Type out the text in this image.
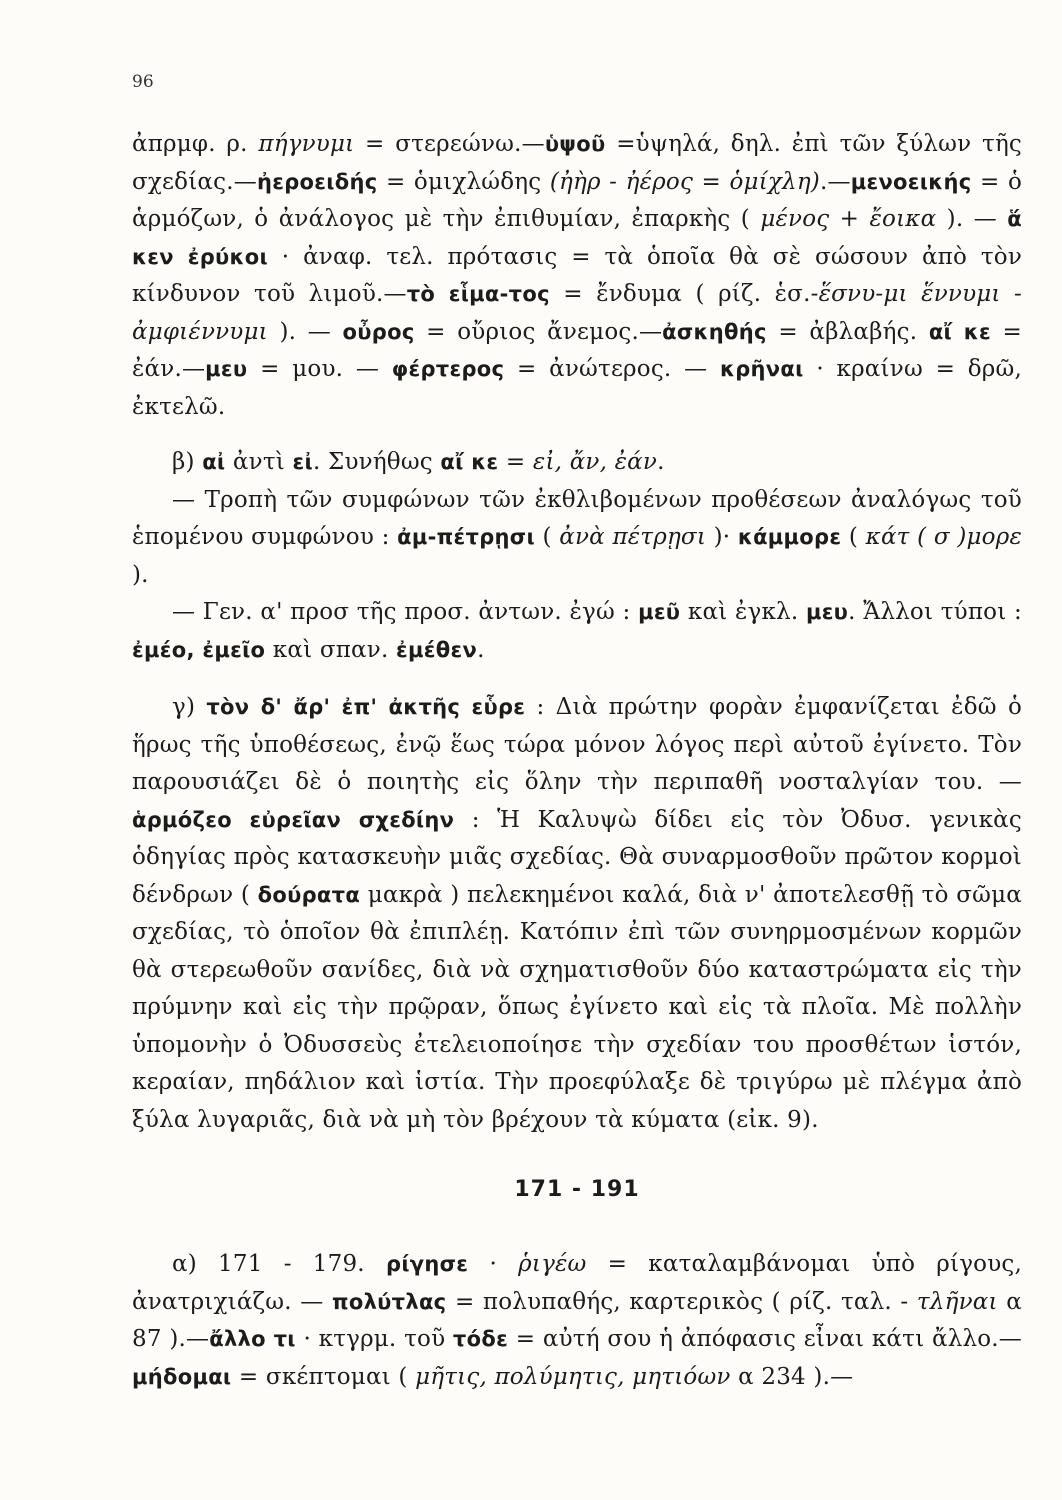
96

ἀπρμφ. ρ. πήγνυμι = στερεώνω.—ὑψοῦ =ὑψηλά, δηλ. ἐπὶ τῶν ξύλων τῆς σχεδίας.—ἠεροειδής = ὁμιχλώδης (ἠὴρ - ἠέρος = ὁμίχλη).—μενοεικής = ὁ ἁρμόζων, ὁ ἀνάλογος μὲ τὴν ἐπιθυμίαν, ἐπαρκὴς ( μένος + ἔοικα ). — ἅ κεν ἐρύκοι · ἀναφ. τελ. πρότασις = τὰ ὁποῖα θὰ σὲ σώσουν ἀπὸ τὸν κίνδυνον τοῦ λιμοῦ.—τὸ εἷμα-τος = ἔνδυμα ( ρίζ. ἑσ.-ἕσνυ-μι ἕννυμι - ἀμφιέννυμι ). — οὖρος = οὔριος ἄνεμος.—ἀσκηθής = ἀβλαβής. αἴ κε = ἐάν.—μευ = μου. — φέρτερος = ἀνώτερος. — κρῆναι · κραίνω = δρῶ, ἐκτελῶ.

β) αἰ ἀντὶ εἰ. Συνήθως αἴ κε = εἰ, ἄν, ἐάν.

— Τροπὴ τῶν συμφώνων τῶν ἐκθλιβομένων προθέσεων ἀναλόγως τοῦ ἑπομένου συμφώνου : ἀμ-πέτρῃσι ( ἀνὰ πέτρῃσι )· κάμμορε ( κάτ ( σ )μορε ).

— Γεν. α' προσ τῆς προσ. ἀντων. ἐγώ : μεῦ καὶ ἐγκλ. μευ. Ἄλλοι τύποι : ἐμέο, ἐμεῖο καὶ σπαν. ἐμέθεν.

γ) τὸν δ' ἄρ' ἐπ' ἀκτῆς εὗρε : Διὰ πρώτην φορὰν ἐμφανίζεται ἐδῶ ὁ ἥρως τῆς ὑποθέσεως, ἐνῷ ἕως τώρα μόνον λόγος περὶ αὐτοῦ ἐγίνετο. Τὸν παρουσιάζει δὲ ὁ ποιητὴς εἰς ὅλην τὴν περιπαθῆ νοσταλγίαν του. — ἁρμόζεο εὐρεῖαν σχεδίην : Ἡ Καλυψὼ δίδει εἰς τὸν Ὀδυσ. γενικὰς ὁδηγίας πρὸς κατασκευὴν μιᾶς σχεδίας. Θὰ συναρμοσθοῦν πρῶτον κορμοὶ δένδρων ( δούρατα μακρὰ ) πελεκημένοι καλά, διὰ ν' ἀποτελεσθῇ τὸ σῶμα σχεδίας, τὸ ὁποῖον θὰ ἐπιπλέῃ. Κατόπιν ἐπὶ τῶν συνηρμοσμένων κορμῶν θὰ στερεωθοῦν σανίδες, διὰ νὰ σχηματισθοῦν δύο καταστρώματα εἰς τὴν πρύμνην καὶ εἰς τὴν πρῷραν, ὅπως ἐγίνετο καὶ εἰς τὰ πλοῖα. Μὲ πολλὴν ὑπομονὴν ὁ Ὀδυσσεὺς ἐτελειοποίησε τὴν σχεδίαν του προσθέτων ἱστόν, κεραίαν, πηδάλιον καὶ ἱστία. Τὴν προεφύλαξε δὲ τριγύρω μὲ πλέγμα ἀπὸ ξύλα λυγαριᾶς, διὰ νὰ μὴ τὸν βρέχουν τὰ κύματα (εἰκ. 9).

171 - 191

α) 171 - 179. ρίγησε · ῥιγέω = καταλαμβάνομαι ὑπὸ ρίγους, ἀνατριχιάζω. — πολύτλας = πολυπαθής, καρτερικὸς ( ρίζ. ταλ. - τλῆναι α 87 ).—ἄλλο τι · κτγρμ. τοῦ τόδε = αὐτή σου ἡ ἀπόφασις εἶναι κάτι ἄλλο.—μήδομαι = σκέπτομαι ( μῆτις, πολύμητις, μητιόων α 234 ).—
